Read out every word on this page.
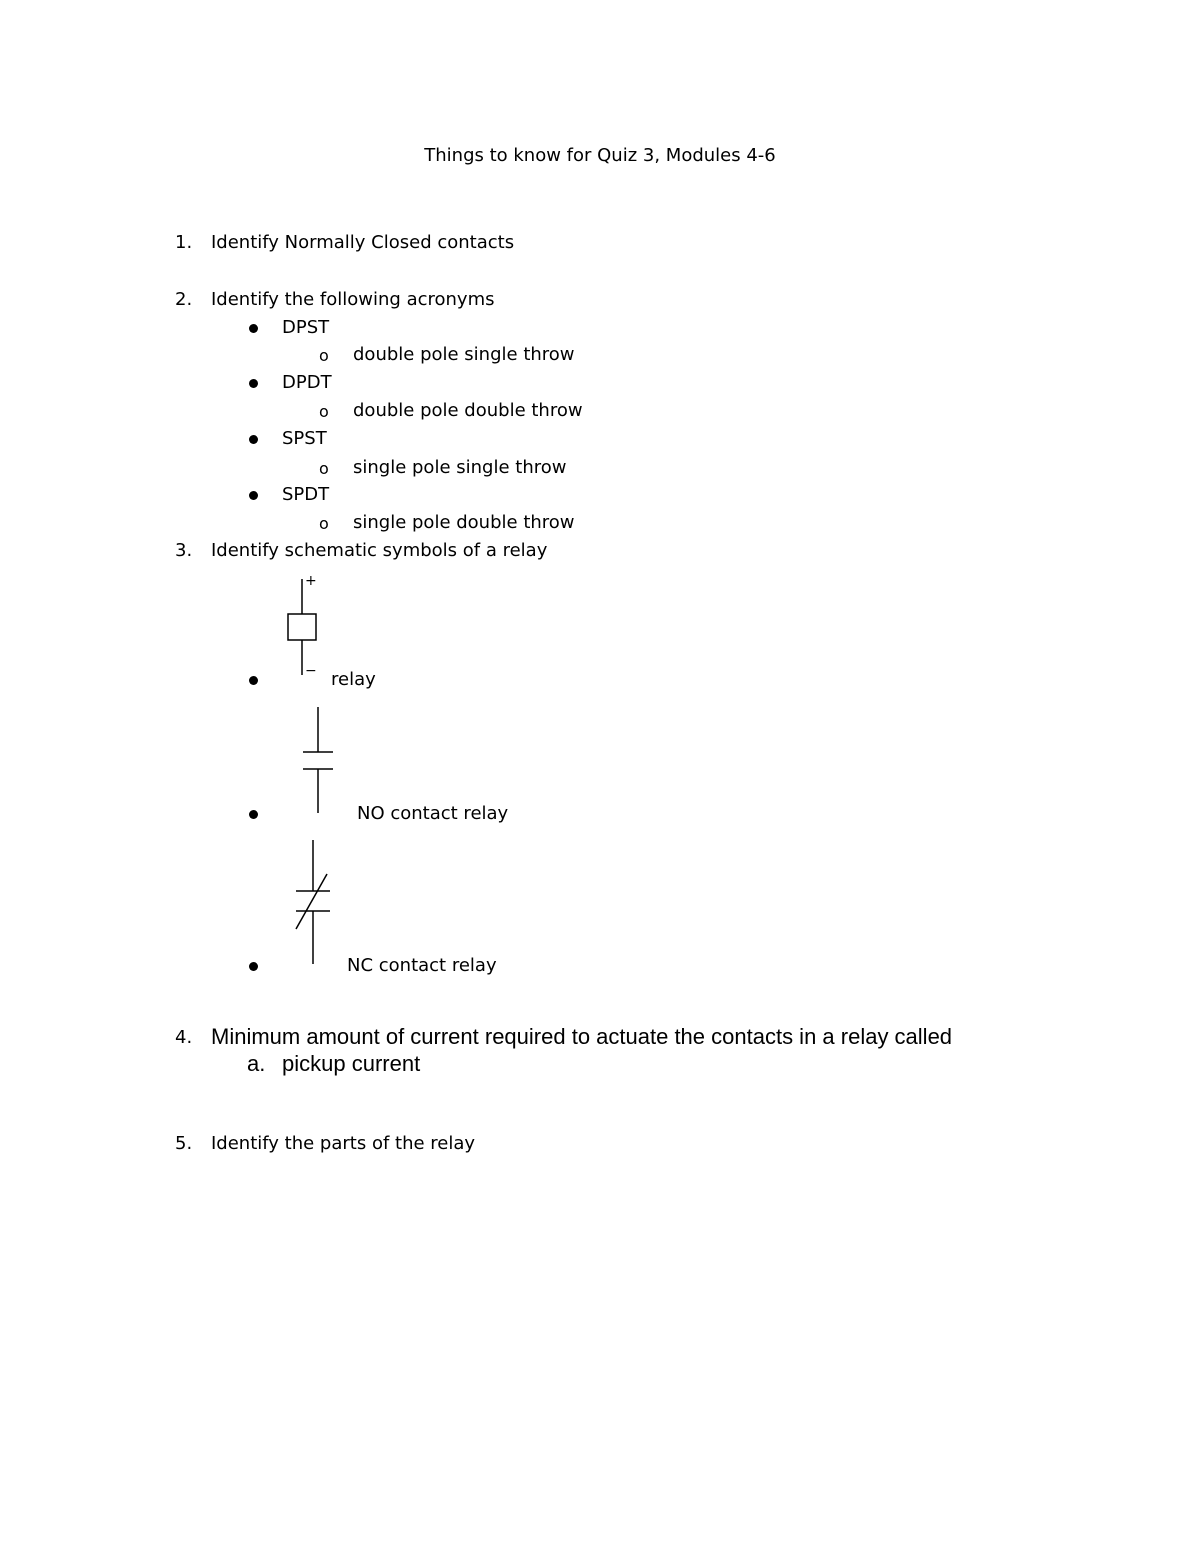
Things to know for Quiz 3, Modules 4-6
1. Identify Normally Closed contacts
2. Identify the following acronyms
DPST
o double pole single throw
DPDT
o double pole double throw
SPST
o single pole single throw
SPDT
o single pole double throw
3. Identify schematic symbols of a relay
+
− relay
NO contact relay
NC contact relay
4. Minimum amount of current required to actuate the contacts in a relay called
a. pickup current
5. Identify the parts of the relay
